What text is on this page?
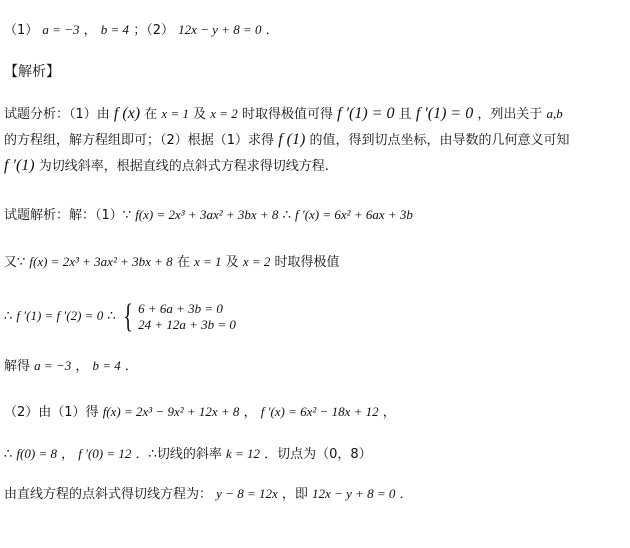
（1） a = −3 ， b = 4 ；（2） 12x − y + 8 = 0 ．
【解析】
试题分析：（1）由 f (x) 在 x = 1 及 x = 2 时取得极值可得 f ′(1) = 0 且 f ′(1) = 0 ，列出关于 a,b
的方程组，解方程组即可；（2）根据（1）求得 f (1) 的值，得到切点坐标，由导数的几何意义可知
f ′(1) 为切线斜率，根据直线的点斜式方程求得切线方程.
试题解析：解：（1）∵ f(x) = 2x³ + 3ax² + 3bx + 8 ∴ f ′(x) = 6x² + 6ax + 3b
又∵ f(x) = 2x³ + 3ax² + 3bx + 8 在 x = 1 及 x = 2 时取得极值
∴ f ′(1) = f ′(2) = 0 ∴ { 6 + 6a + 3b = 0
24 + 12a + 3b = 0
解得 a = −3 ， b = 4 ．
（2）由（1）得 f(x) = 2x³ − 9x² + 12x + 8 ， f ′(x) = 6x² − 18x + 12 ，
∴ f(0) = 8 ， f ′(0) = 12 ．∴切线的斜率 k = 12 ．切点为（0，8）
由直线方程的点斜式得切线方程为： y − 8 = 12x ，即 12x − y + 8 = 0 ．
